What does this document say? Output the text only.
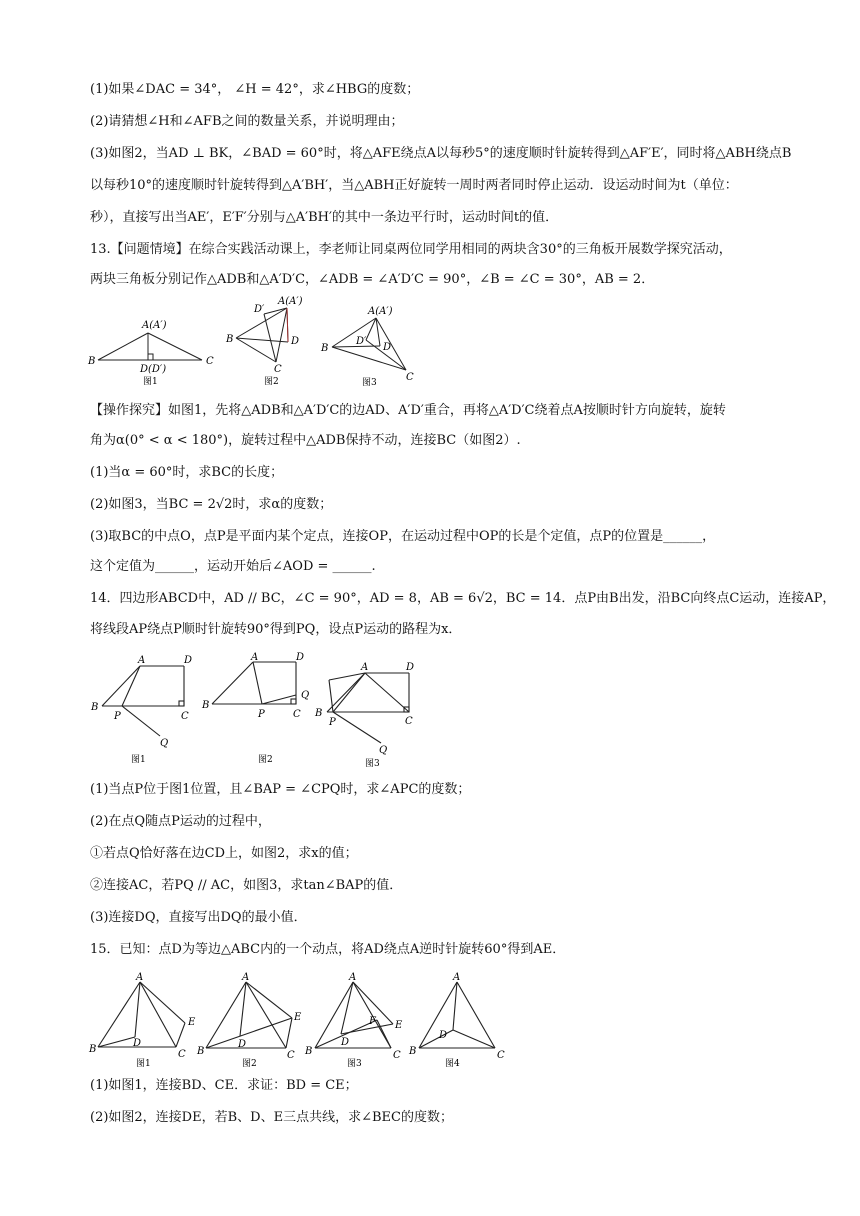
(1)如果∠DAC = 34°， ∠H = 42°，求∠HBG的度数；
(2)请猜想∠H和∠AFB之间的数量关系，并说明理由；
(3)如图2，当AD ⊥ BK，∠BAD = 60°时，将△AFE绕点A以每秒5°的速度顺时针旋转得到△AF′E′，同时将△ABH绕点B
以每秒10°的速度顺时针旋转得到△A′BH′，当△ABH正好旋转一周时两者同时停止运动．设运动时间为t（单位：
秒），直接写出当AE′，E′F′分别与△A′BH′的其中一条边平行时，运动时间t的值．
13.【问题情境】在综合实践活动课上，李老师让同桌两位同学用相同的两块含30°的三角板开展数学探究活动，
两块三角板分别记作△ADB和△A′D′C，∠ADB = ∠A′D′C = 90°，∠B = ∠C = 30°，AB = 2．
A(A′)
B	C
D(D′)
图1
A(A′)
D′
B	D
C
图2
A(A′)
B
D′
D
C
图3
【操作探究】如图1，先将△ADB和△A′D′C的边AD、A′D′重合，再将△A′D′C绕着点A按顺时针方向旋转，旋转
角为α(0° < α < 180°)，旋转过程中△ADB保持不动，连接BC（如图2）.
(1)当α = 60°时，求BC的长度；
(2)如图3，当BC = 2√2时，求α的度数；
(3)取BC的中点O，点P是平面内某个定点，连接OP，在运动过程中OP的长是个定值，点P的位置是______，
这个定值为______，运动开始后∠AOD = ______.
14．四边形ABCD中，AD // BC，∠C = 90°，AD = 8，AB = 6√2，BC = 14．点P由B出发，沿BC向终点C运动，连接AP，
将线段AP绕点P顺时针旋转90°得到PQ，设点P运动的路程为x．
A	D
B
P	C
Q
图1
A	D
B
P
Q
C
图2
A	D
B
P	C
Q
图3
(1)当点P位于图1位置，且∠BAP = ∠CPQ时，求∠APC的度数；
(2)在点Q随点P运动的过程中，
①若点Q恰好落在边CD上，如图2，求x的值；
②连接AC，若PQ // AC，如图3，求tan∠BAP的值．
(3)连接DQ，直接写出DQ的最小值．
15．已知：点D为等边△ABC内的一个动点，将AD绕点A逆时针旋转60°得到AE．
A
E
D
B	C
图1
A
E
D
B	C
图2
A
F E
D
B	C
图3
A
D
B	C
图4
(1)如图1，连接BD、CE．求证：BD = CE；
(2)如图2，连接DE，若B、D、E三点共线，求∠BEC的度数；
